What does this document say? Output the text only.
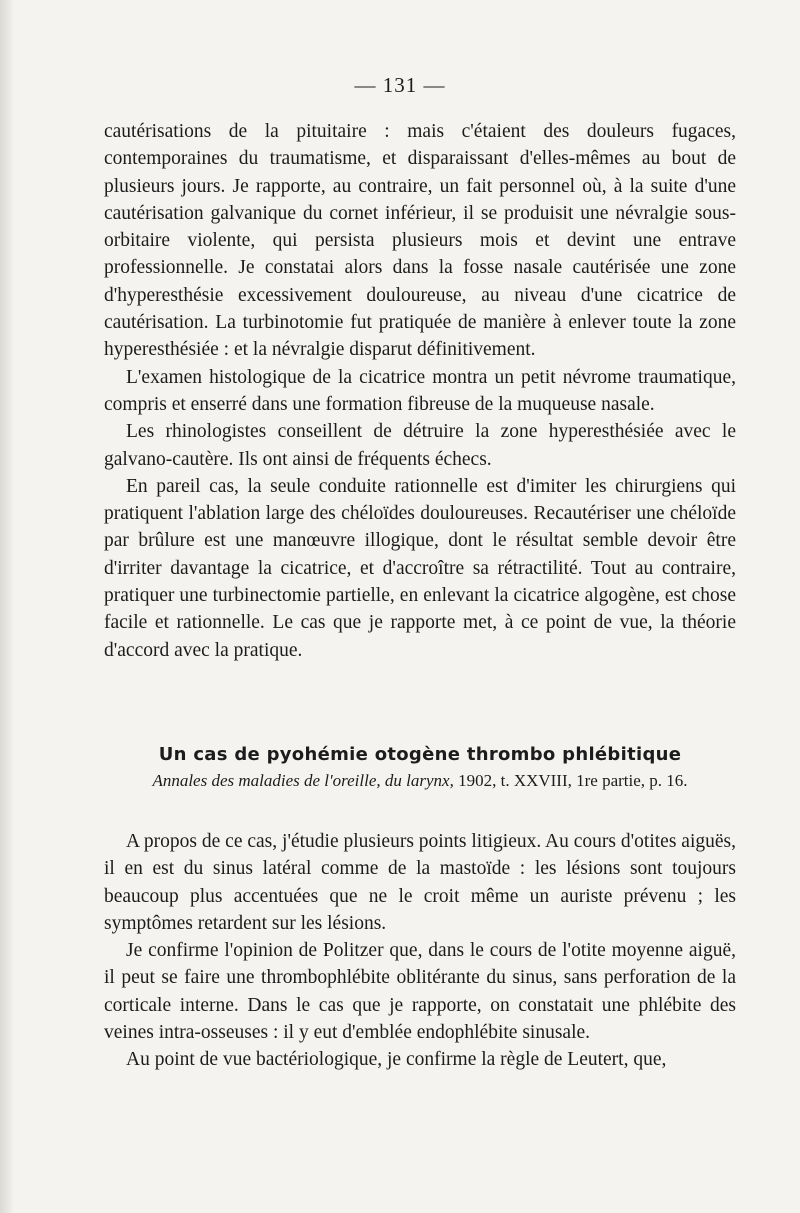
— 131 —

cautérisations de la pituitaire : mais c'étaient des douleurs fugaces, contemporaines du traumatisme, et disparaissant d'elles-mêmes au bout de plusieurs jours. Je rapporte, au contraire, un fait personnel où, à la suite d'une cautérisation galvanique du cornet inférieur, il se produisit une névralgie sous-orbitaire violente, qui persista plusieurs mois et devint une entrave professionnelle. Je constatai alors dans la fosse nasale cautérisée une zone d'hyperesthésie excessivement douloureuse, au niveau d'une cicatrice de cautérisation. La turbinotomie fut pratiquée de manière à enlever toute la zone hyperesthésiée : et la névralgie disparut définitivement.

L'examen histologique de la cicatrice montra un petit névrome traumatique, compris et enserré dans une formation fibreuse de la muqueuse nasale.

Les rhinologistes conseillent de détruire la zone hyperesthésiée avec le galvano-cautère. Ils ont ainsi de fréquents échecs.

En pareil cas, la seule conduite rationnelle est d'imiter les chirurgiens qui pratiquent l'ablation large des chéloïdes douloureuses. Recautériser une chéloïde par brûlure est une manœuvre illogique, dont le résultat semble devoir être d'irriter davantage la cicatrice, et d'accroître sa rétractilité. Tout au contraire, pratiquer une turbinectomie partielle, en enlevant la cicatrice algogène, est chose facile et rationnelle. Le cas que je rapporte met, à ce point de vue, la théorie d'accord avec la pratique.

Un cas de pyohémie otogène thrombo phlébitique
Annales des maladies de l'oreille, du larynx, 1902, t. XXVIII, 1re partie, p. 16.

A propos de ce cas, j'étudie plusieurs points litigieux. Au cours d'otites aiguës, il en est du sinus latéral comme de la mastoïde : les lésions sont toujours beaucoup plus accentuées que ne le croit même un auriste prévenu ; les symptômes retardent sur les lésions.

Je confirme l'opinion de Politzer que, dans le cours de l'otite moyenne aiguë, il peut se faire une thrombophlébite oblitérante du sinus, sans perforation de la corticale interne. Dans le cas que je rapporte, on constatait une phlébite des veines intra-osseuses : il y eut d'emblée endophlébite sinusale.

Au point de vue bactériologique, je confirme la règle de Leutert, que,
